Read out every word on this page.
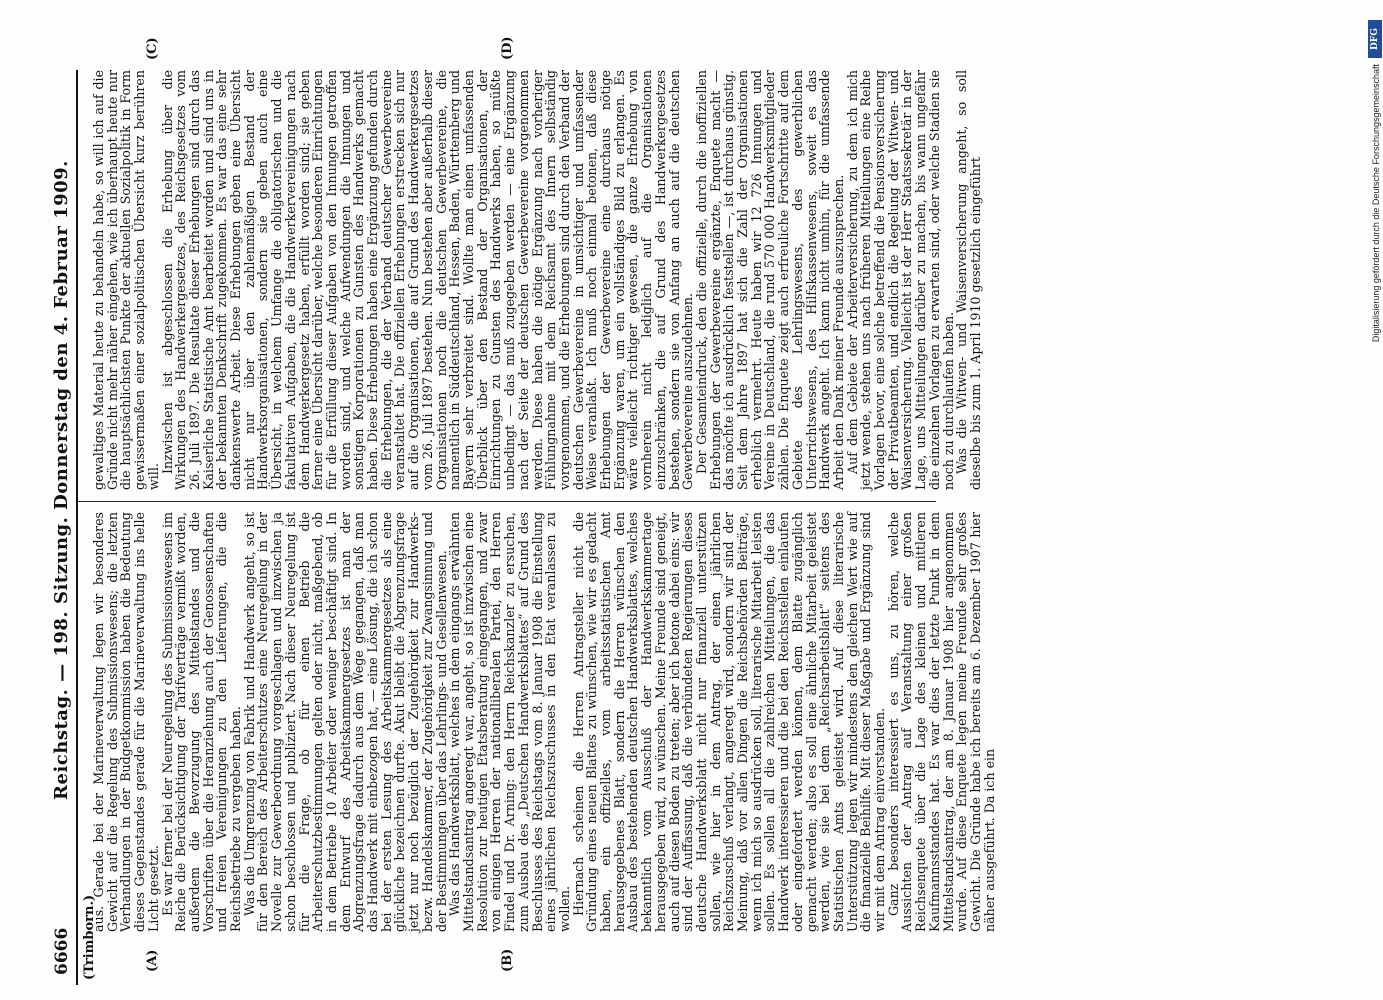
6666
Reichstag. — 198. Sitzung. Donnerstag den 4. Februar 1909.
(Trimborn.)	(A)	(B)
(C)	(D)

aus. Gerade bei der Marineverwaltung legen wir besonderes Gewicht auf die Regelung des Submissionswesens; die letzten Verhandlungen in der Budgetkommission haben die Bedeutung dieses Gegenstandes gerade für die Marineverwaltung ins helle Licht gesetzt.

Es war ferner bei der Neuregelung des Submissionswesens im Reiche die Berücksichtigung der Tarifverträge vermißt worden, außerdem die Bevorzugung des Mittelstandes und die Vorschriften über die Heranziehung auch der Genossenschaften und freien Vereinigungen zu den Lieferungen, die die Reichsbetriebe zu vergeben haben.

Was die Umgrenzung von Fabrik und Handwerk angeht, so ist für den Bereich des Arbeiterschutzes eine Neuregelung in der Novelle zur Gewerbeordnung vorgeschlagen und inzwischen ja schon beschlossen und publiziert. Nach dieser Neuregelung ist für die Frage, ob für einen Betrieb die Arbeiterschutzbestimmungen gelten oder nicht, maßgebend, ob in dem Betriebe 10 Arbeiter oder weniger beschäftigt sind. In dem Entwurf des Arbeitskammergesetzes ist man der Abgrenzungsfrage dadurch aus dem Wege gegangen, daß man das Handwerk mit einbezogen hat, — eine Lösung, die ich schon bei der ersten Lesung des Arbeitskammergesetzes als eine glückliche bezeichnen durfte. Akut bleibt die Abgrenzungsfrage jetzt nur noch bezüglich der Zugehörigkeit zur Handwerks- bezw. Handelskammer, der Zugehörigkeit zur Zwangsinnung und der Bestimmungen über das Lehrlings- und Gesellenwesen.

Was das Handwerksblatt, welches in dem eingangs erwähnten Mittelstandsantrag angeregt war, angeht, so ist inzwischen eine Resolution zur heutigen Etatsberatung eingegangen, und zwar von einigen Herren der nationalliberalen Partei, den Herren Findel und Dr. Arning: den Herrn Reichskanzler zu ersuchen, zum Ausbau des „Deutschen Handwerksblattes“ auf Grund des Beschlusses des Reichstags vom 8. Januar 1908 die Einstellung eines jährlichen Reichszuschusses in den Etat veranlassen zu wollen.

Hiernach scheinen die Herren Antragsteller nicht die Gründung eines neuen Blattes zu wünschen, wie wir es gedacht haben, ein offizielles, vom arbeitsstatistischen Amt herausgegebenes Blatt, sondern die Herren wünschen den Ausbau des bestehenden deutschen Handwerksblattes, welches bekanntlich vom Ausschuß der Handwerkskammertage herausgegeben wird, zu wünschen. Meine Freunde sind geneigt, auch auf diesen Boden zu treten; aber ich betone dabei eins: wir sind der Auffassung, daß die verbündeten Regierungen dieses deutsche Handwerksblatt nicht nur finanziell unterstützen sollen, wie hier in dem Antrag, der einen jährlichen Reichszuschuß verlangt, angeregt wird, sondern wir sind der Meinung, daß vor allen Dingen die Reichsbehörden Beiträge, wenn ich mich so ausdrücken soll, literarische Mitarbeit leisten sollen. Es sollen all die zahlreichen Mitteilungen, die das Handwerk interessieren und die bei den Reichsstellen einlaufen oder eingefordert werden können, dem Blatte zugänglich gemacht werden; also es soll eine ähnliche Mitarbeit geleistet werden, wie sie bei dem „Reichsarbeitsblatt“ seitens des Statistischen Amts geleistet wird. Auf diese literarische Unterstützung legen wir mindestens den gleichen Wert wie auf die finanzielle Beihilfe. Mit dieser Maßgabe und Ergänzung sind wir mit dem Antrag einverstanden.

Ganz besonders interessiert es uns, zu hören, welche Aussichten der Antrag auf Veranstaltung einer großen Reichsenquete über die Lage des kleinen und mittleren Kaufmannsstandes hat. Es war dies der letzte Punkt in dem Mittelstandsantrag, der am 8. Januar 1908 hier angenommen wurde. Auf diese Enquete legen meine Freunde sehr großes Gewicht. Die Gründe habe ich bereits am 6. Dezember 1907 hier näher ausgeführt. Da ich ein

gewaltiges Material heute zu behandeln habe, so will ich auf die Gründe nicht mehr näher eingehen, wie ich überhaupt heute nur die hauptsächlichsten Punkte der aktuellen Sozialpolitik in Form gewissermaßen einer sozialpolitischen Übersicht kurz berühren will.

Inzwischen ist abgeschlossen die Erhebung über die Wirkungen des Handwerkergesetzes, des Reichsgesetzes vom 26. Juli 1897. Die Resultate dieser Erhebungen sind durch das Kaiserliche Statistische Amt bearbeitet worden und sind uns in der bekannten Denkschrift zugekommen. Es war das eine sehr dankenswerte Arbeit. Diese Erhebungen geben eine Übersicht nicht nur über den zahlenmäßigen Bestand der Handwerksorganisationen, sondern sie geben auch eine Übersicht, in welchem Umfange die obligatorischen und die fakultativen Aufgaben, die die Handwerkervereinigungen nach dem Handwerkergesetz haben, erfüllt worden sind; sie geben ferner eine Übersicht darüber, welche besonderen Einrichtungen für die Erfüllung dieser Aufgaben von den Innungen getroffen worden sind, und welche Aufwendungen die Innungen und sonstigen Korporationen zu Gunsten des Handwerks gemacht haben. Diese Erhebungen haben eine Ergänzung gefunden durch die Erhebungen, die der Verband deutscher Gewerbevereine veranstaltet hat. Die offiziellen Erhebungen erstrecken sich nur auf die Organisationen, die auf Grund des Handwerkergesetzes vom 26. Juli 1897 bestehen. Nun bestehen aber außerhalb dieser Organisationen noch die deutschen Gewerbevereine, die namentlich in Süddeutschland, Hessen, Baden, Württemberg und Bayern sehr verbreitet sind. Wollte man einen umfassenden Überblick über den Bestand der Organisationen, der Einrichtungen zu Gunsten des Handwerks haben, so müßte unbedingt — das muß zugegeben werden — eine Ergänzung nach der Seite der deutschen Gewerbevereine vorgenommen werden. Diese haben die nötige Ergänzung nach vorheriger Fühlungnahme mit dem Reichsamt des Innern selbständig vorgenommen, und die Erhebungen sind durch den Verband der deutschen Gewerbevereine in umsichtiger und umfassender Weise veranlaßt. Ich muß noch einmal betonen, daß diese Erhebungen der Gewerbevereine eine durchaus nötige Ergänzung waren, um ein vollständiges Bild zu erlangen. Es wäre vielleicht richtiger gewesen, die ganze Erhebung von vornherein nicht lediglich auf die Organisationen einzuschränken, die auf Grund des Handwerkergesetzes bestehen, sondern sie von Anfang an auch auf die deutschen Gewerbevereine auszudehnen.

Der Gesamteindruck, den die offizielle, durch die inoffiziellen Erhebungen der Gewerbevereine ergänzte, Enquete macht — das möchte ich ausdrücklich feststellen —, ist durchaus günstig. Seit dem Jahre 1897 hat sich die Zahl der Organisationen erheblich vermehrt. Heute haben wir 12 726 Innungen und Vereine in Deutschland, die rund 570 000 Handwerksmitglieder zählen. Die Enquete zeigt auch erfreuliche Fortschritte auf dem Gebiete des Lehrlingswesens, des gewerblichen Unterrichtswesens, des Hilfskassenwesens, soweit es das Handwerk angeht. Ich kann nicht umhin, für die umfassende Arbeit den Dank meiner Freunde auszusprechen.

Auf dem Gebiete der Arbeiterversicherung, zu dem ich mich jetzt wende, stehen uns nach früheren Mitteilungen eine Reihe Vorlagen bevor, eine solche betreffend die Pensionsversicherung der Privatbeamten, und endlich die Regelung der Witwen- und Waisenversicherung. Vielleicht ist der Herr Staatssekretär in der Lage, uns Mitteilungen darüber zu machen, bis wann ungefähr die einzelnen Vorlagen zu erwarten sind, oder welche Stadien sie noch zu durchlaufen haben.

Was die Witwen- und Waisenversicherung angeht, so soll dieselbe bis zum 1. April 1910 gesetzlich eingeführt

DFG
Digitalisierung gefördert durch die Deutsche Forschungsgemeinschaft
